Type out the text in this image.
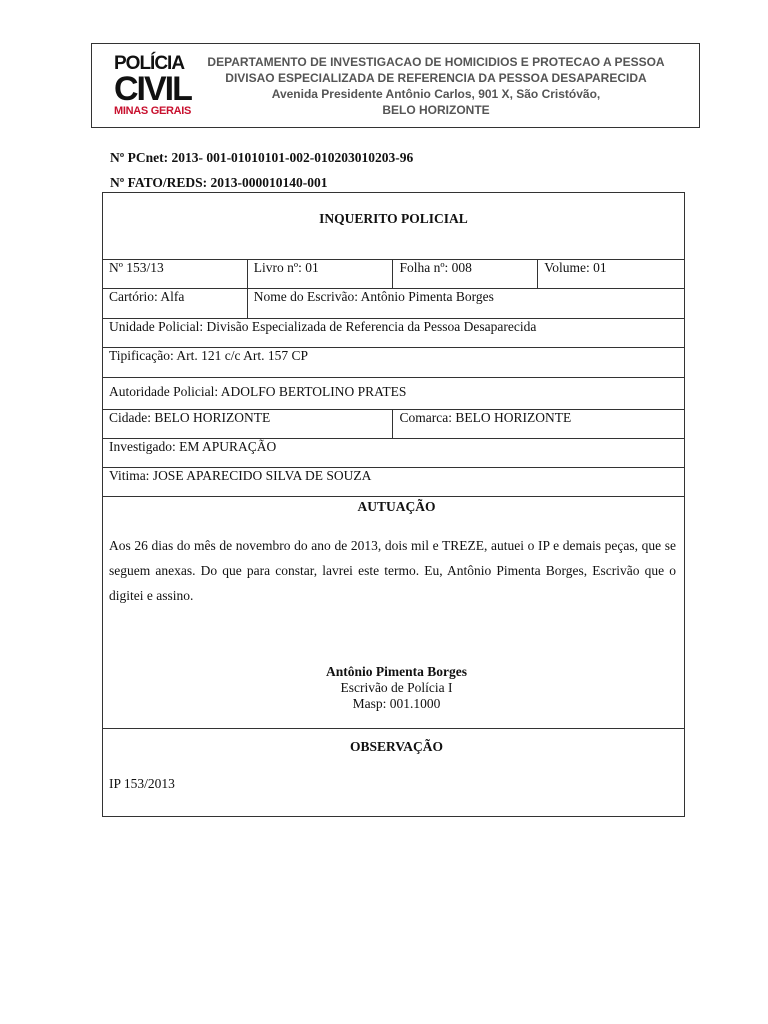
POLÍCIA
CIVIL
MINAS GERAIS
DEPARTAMENTO DE INVESTIGACAO DE HOMICIDIOS E PROTECAO A PESSOA
DIVISAO ESPECIALIZADA DE REFERENCIA DA PESSOA DESAPARECIDA
Avenida Presidente Antônio Carlos, 901 X, São Cristóvão,
BELO HORIZONTE
Nº PCnet: 2013- 001-01010101-002-010203010203-96
Nº FATO/REDS: 2013-000010140-001
INQUERITO POLICIAL			
Nº 153/13	Livro nº: 01	Folha nº: 008	Volume: 01
Cartório: Alfa	Nome do Escrivão: Antônio Pimenta Borges		
Unidade Policial: Divisão Especializada de Referencia da Pessoa Desaparecida			
Tipificação: Art. 121 c/c Art. 157 CP			
Autoridade Policial: ADOLFO BERTOLINO PRATES			
Cidade: BELO HORIZONTE		Comarca: BELO HORIZONTE	
Investigado: EM APURAÇÃO			
Vitima: JOSE APARECIDO SILVA DE SOUZA			

AUTUAÇÃO

Aos 26 dias do mês de novembro do ano de 2013, dois mil e TREZE, autuei o IP e demais peças, que se seguem anexas. Do que para constar, lavrei este termo. Eu, Antônio Pimenta Borges, Escrivão que o digitei e assino.

Antônio Pimenta Borges
Escrivão de Polícia I
Masp: 001.1000			

OBSERVAÇÃO
IP 153/2013			
